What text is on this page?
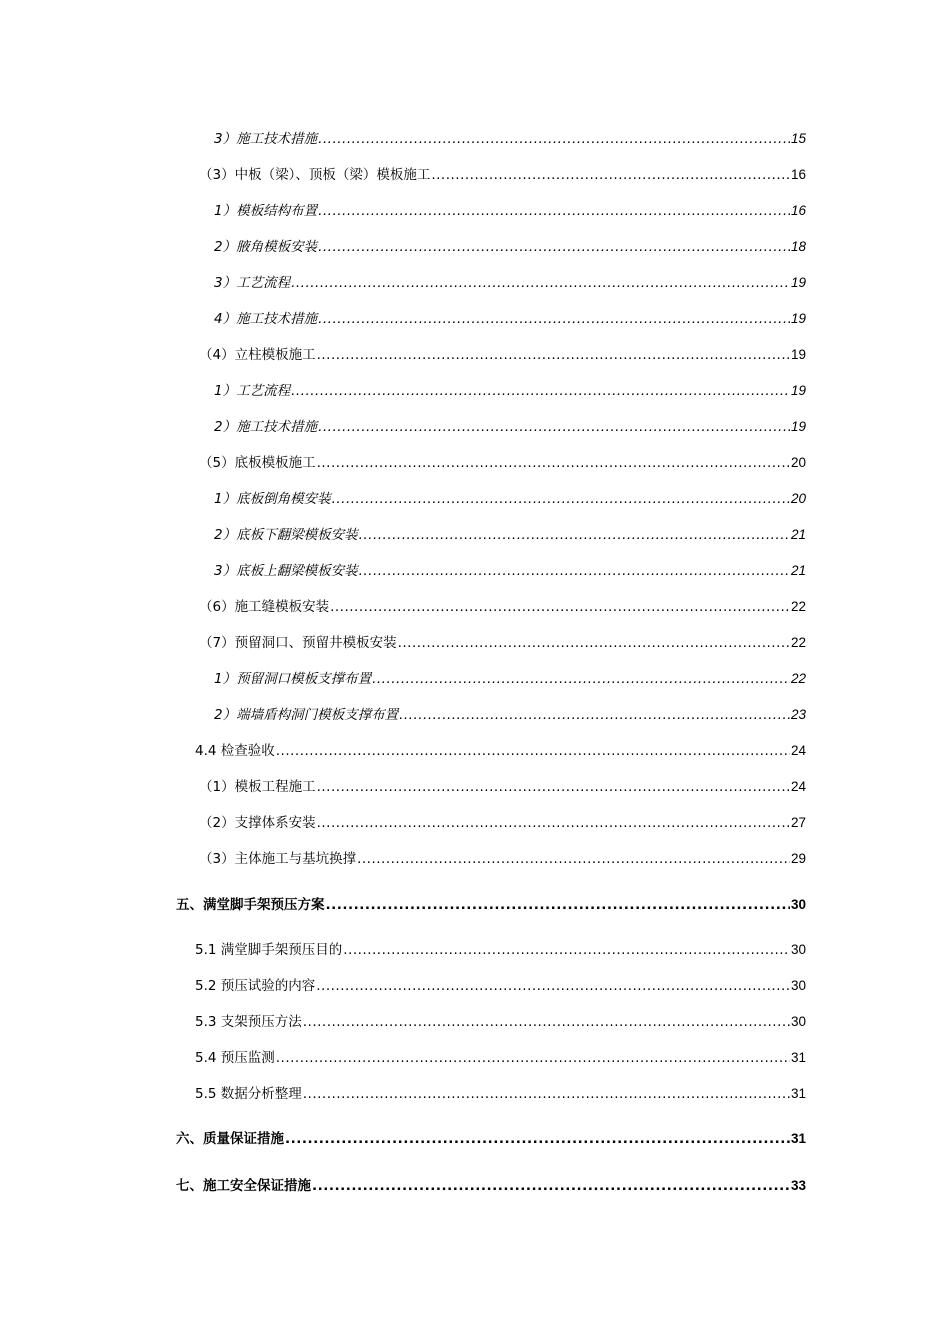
3）施工技术措施 .....	15
（3）中板（梁）、顶板（梁）模板施工 .....	16
1）模板结构布置 .....	16
2）腋角模板安装 .....	18
3）工艺流程 .....	19
4）施工技术措施 .....	19
（4）立柱模板施工 .....	19
1）工艺流程 .....	19
2）施工技术措施 .....	19
（5）底板模板施工 .....	20
1）底板倒角模安装 .....	20
2）底板下翻梁模板安装 .....	21
3）底板上翻梁模板安装 .....	21
（6）施工缝模板安装 .....	22
（7）预留洞口、预留井模板安装 .....	22
1）预留洞口模板支撑布置 .....	22
2）端墙盾构洞门模板支撑布置 .....	23
4.4 检查验收 .....	24
（1）模板工程施工 .....	24
（2）支撑体系安装 .....	27
（3）主体施工与基坑换撑 .....	29
五、满堂脚手架预压方案 .....	30
5.1 满堂脚手架预压目的 .....	30
5.2 预压试验的内容 .....	30
5.3 支架预压方法 .....	30
5.4 预压监测 .....	31
5.5 数据分析整理 .....	31
六、质量保证措施 .....	31
七、施工安全保证措施 .....	33
